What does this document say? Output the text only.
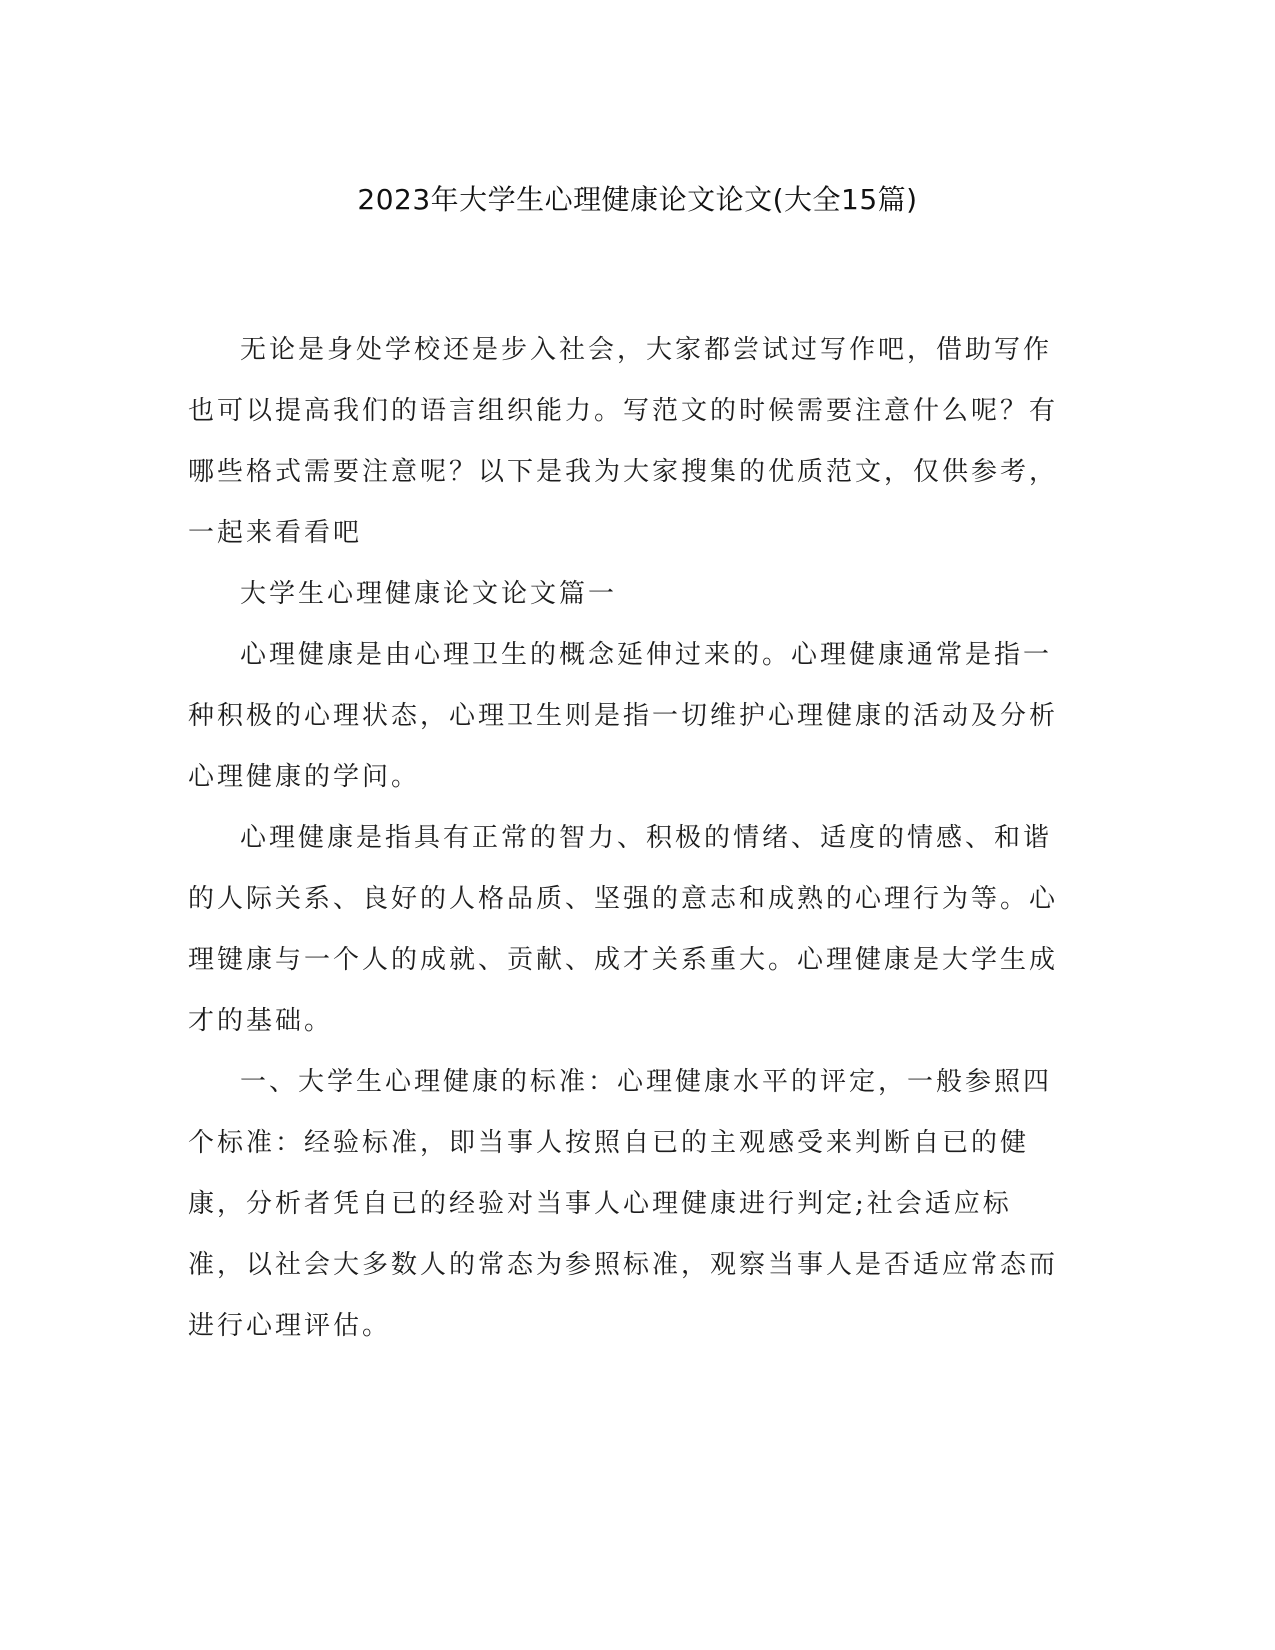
2023年大学生心理健康论文论文(大全15篇)

无论是身处学校还是步入社会，大家都尝试过写作吧，借助写作也可以提高我们的语言组织能力。写范文的时候需要注意什么呢？有哪些格式需要注意呢？以下是我为大家搜集的优质范文，仅供参考，一起来看看吧

大学生心理健康论文论文篇一

心理健康是由心理卫生的概念延伸过来的。心理健康通常是指一种积极的心理状态，心理卫生则是指一切维护心理健康的活动及分析心理健康的学问。

心理健康是指具有正常的智力、积极的情绪、适度的情感、和谐的人际关系、良好的人格品质、坚强的意志和成熟的心理行为等。心理键康与一个人的成就、贡献、成才关系重大。心理健康是大学生成才的基础。

一、大学生心理健康的标准：心理健康水平的评定，一般参照四个标准：经验标准，即当事人按照自已的主观感受来判断自已的健康，分析者凭自已的经验对当事人心理健康进行判定;社会适应标准，以社会大多数人的常态为参照标准，观察当事人是否适应常态而进行心理评估。
